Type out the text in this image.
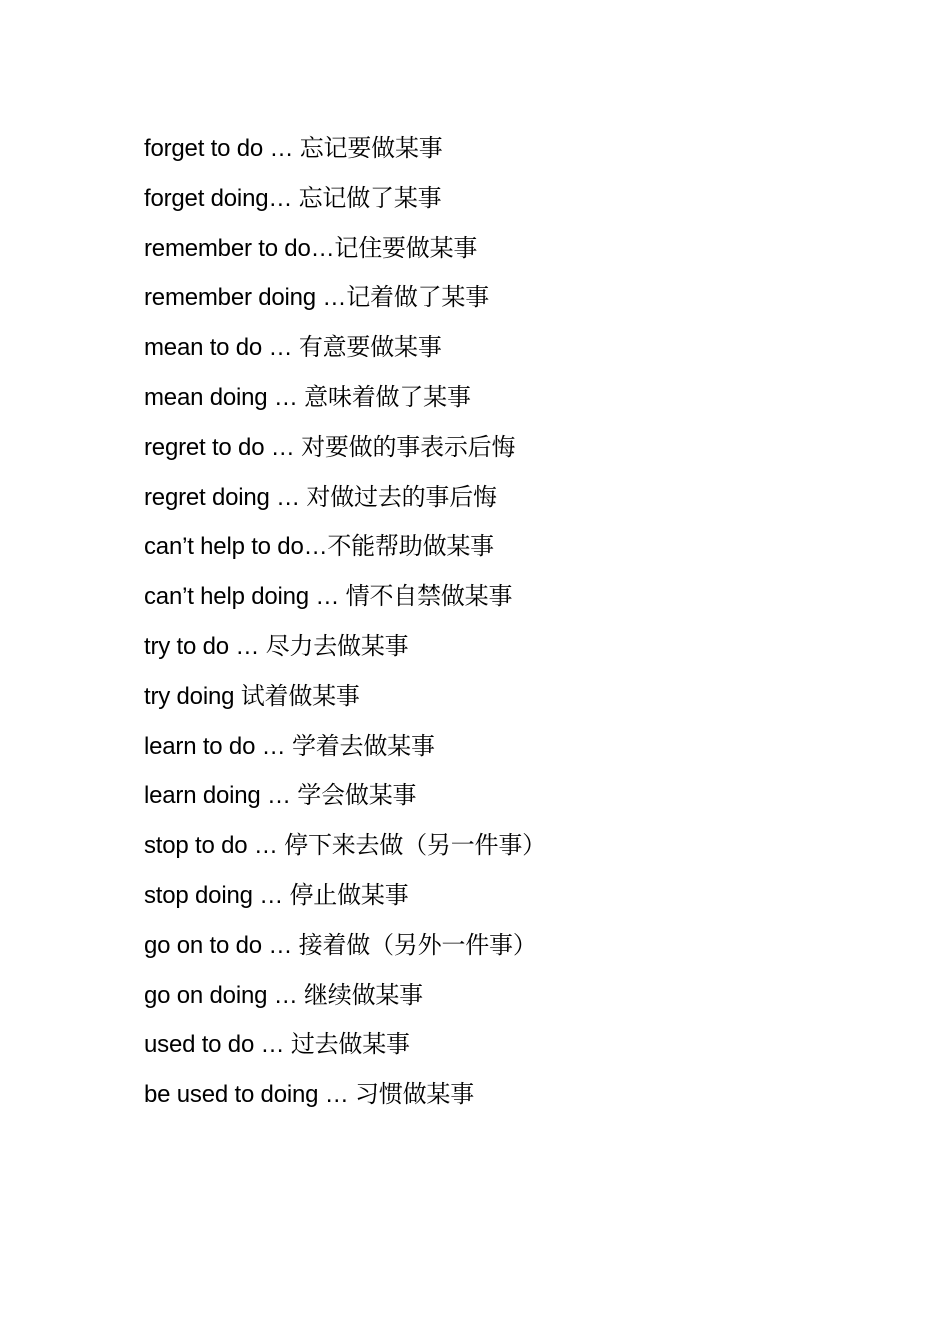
forget to do … 忘记要做某事
forget doing… 忘记做了某事
remember to do…记住要做某事
remember doing …记着做了某事
mean to do … 有意要做某事
mean doing … 意味着做了某事
regret to do … 对要做的事表示后悔
regret doing … 对做过去的事后悔
can’t help to do…不能帮助做某事
can’t help doing … 情不自禁做某事
try to do … 尽力去做某事
try doing 试着做某事
learn to do … 学着去做某事
learn doing … 学会做某事
stop to do … 停下来去做（另一件事）
stop doing … 停止做某事
go on to do … 接着做（另外一件事）
go on doing … 继续做某事
used to do … 过去做某事
be used to doing … 习惯做某事
